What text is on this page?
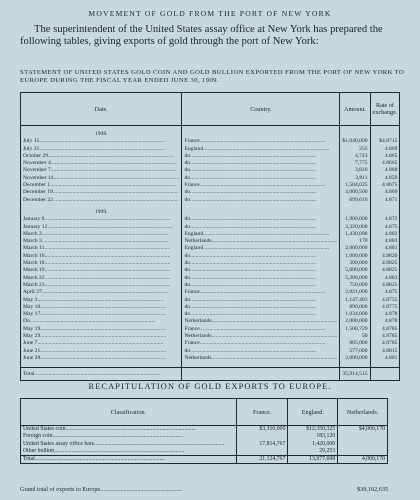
MOVEMENT OF GOLD FROM THE PORT OF NEW YORK
The superintendent of the United States assay office at New York has prepared the following tables, giving exports of gold through the port of New York:
STATEMENT OF UNITED STATES GOLD COIN AND GOLD BULLION EXPORTED FROM THE PORT OF NEW YORK TO EUROPE DURING THE FISCAL YEAR ENDED JUNE 30, 1909.
Date.	Country.	Amount.	Rate of exchange.

1908.			
July 15..........................................................................................	France..........................................................................................	$1,040,000	$4.8715
July 21..........................................................................................	England..........................................................................................	255	4.869
October 29..........................................................................................	do..........................................................................................	4,743	4.865
November 4..........................................................................................	do..........................................................................................	7,775	4.8665
November 7..........................................................................................	do..........................................................................................	3,820	4.860
November 14..........................................................................................	do..........................................................................................	3,811	4.859
December 1..........................................................................................	France..........................................................................................	1,504,025	4.8675
December 19..........................................................................................	do..........................................................................................	4,000,500	4.869
December 22..........................................................................................	do..........................................................................................	699,610	4.871

1909.			
January 8..........................................................................................	do..........................................................................................	1,900,000	4.872
January 12..........................................................................................	do..........................................................................................	3,320,000	4.875
March 2..........................................................................................	England..........................................................................................	1,430,000	4.882
March 3..........................................................................................	Netherlands..........................................................................................	170	4.883
March 11..........................................................................................	England..........................................................................................	2,000,000	4.881
March 16..........................................................................................	do..........................................................................................	1,000,000	4.8820
March 18..........................................................................................	do..........................................................................................	300,000	4.8825
March 19..........................................................................................	do..........................................................................................	5,000,000	4.8825
March 22..........................................................................................	do..........................................................................................	5,300,000	4.883
March 23..........................................................................................	do..........................................................................................	750,000	4.8825
April 27..........................................................................................	France..........................................................................................	2,021,000	4.875
May 3..........................................................................................	do..........................................................................................	1,147,483	4.8755
May 10..........................................................................................	do..........................................................................................	890,000	4.8775
May 17..........................................................................................	do..........................................................................................	1,034,000	4.878
Do..........................................................................................	Netherlands..........................................................................................	2,000,000	4.878
May 19..........................................................................................	France..........................................................................................	1,500,729	4.8785
May 29..........................................................................................	Netherlands..........................................................................................	50	4.8785
June 7..........................................................................................	France..........................................................................................	885,000	4.8785
June 21..........................................................................................	do..........................................................................................	577,000	4.8815
June 28..........................................................................................	Netherlands..........................................................................................	2,000,000	4.881

Total..........................................................................................		35,914,515	
RECAPITULATION OF GOLD EXPORTS TO EUROPE.
Classification.	France.	England.	Netherlands.
United States coin..........................................................................................	$3,310,000	$12,350,325	$4,000,170
Foreign coin..........................................................................................		183,120	
United States assay office bars..........................................................................................	17,814,767	1,420,000	
Other bullion..........................................................................................		29,253	
Total..........................................................................................	21,124,767	13,977,698	4,000,170
Grand total of exports to Europe.....................................................	$39,102,635
